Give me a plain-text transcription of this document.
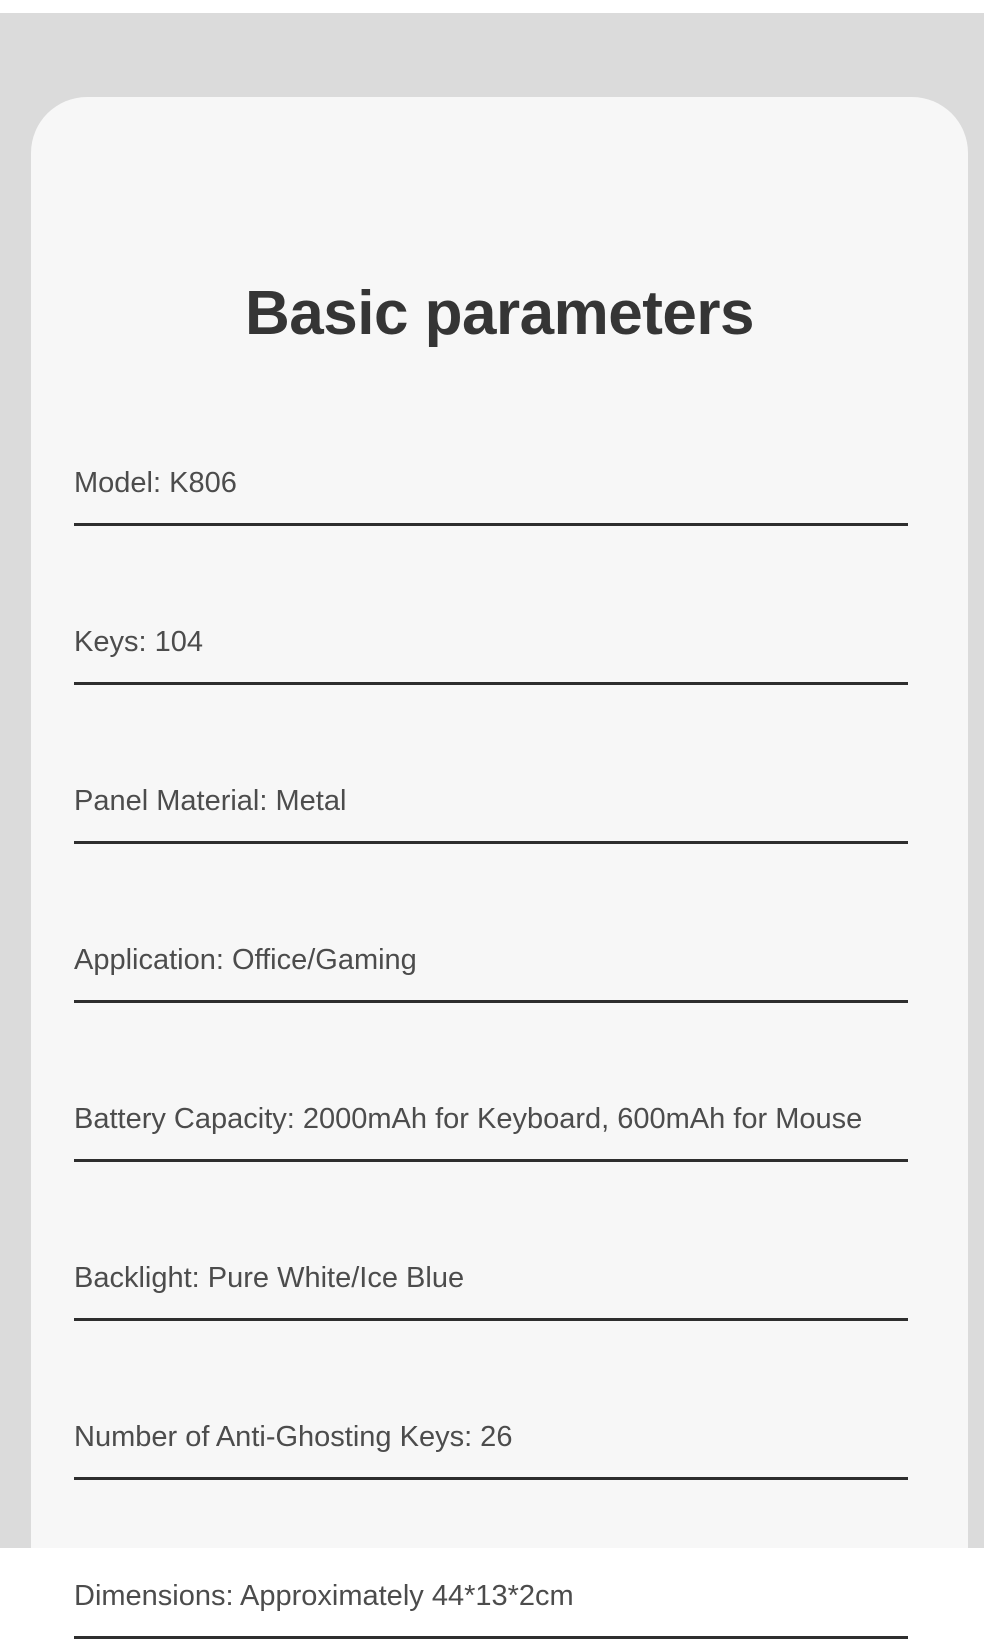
Basic parameters
Model: K806
Keys: 104
Panel Material: Metal
Application: Office/Gaming
Battery Capacity: 2000mAh for Keyboard, 600mAh for Mouse
Backlight: Pure White/Ice Blue
Number of Anti-Ghosting Keys: 26
Dimensions: Approximately 44*13*2cm
